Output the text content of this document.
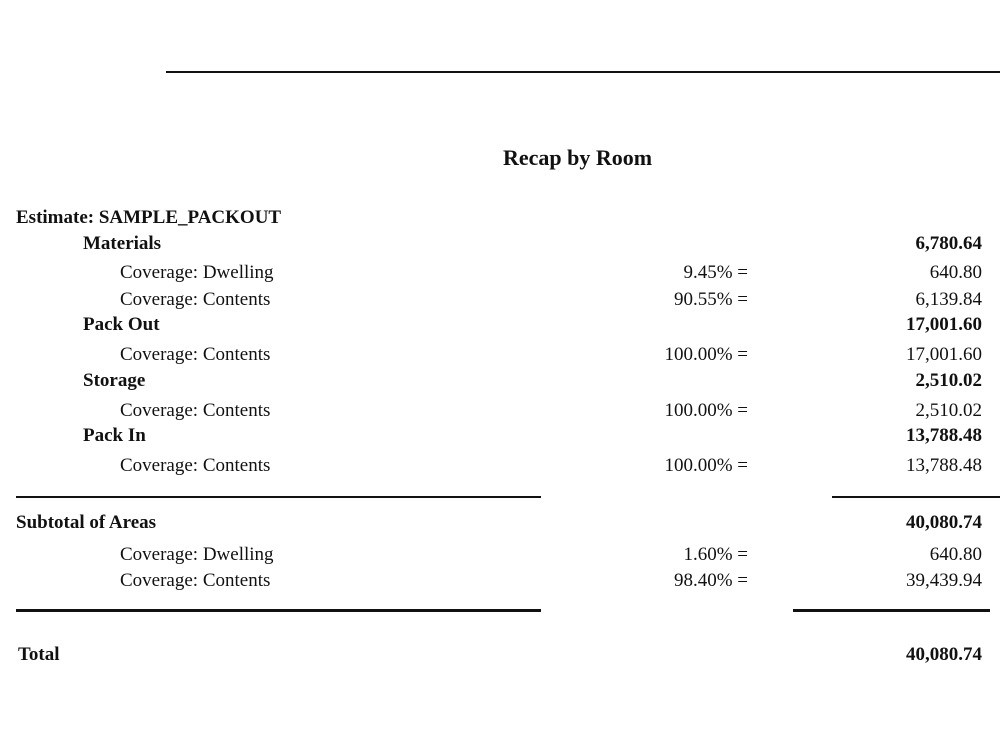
Recap by Room
Estimate: SAMPLE_PACKOUT
Materials	6,780.64
Coverage: Dwelling	9.45% =	640.80
Coverage: Contents	90.55% =	6,139.84
Pack Out	17,001.60
Coverage: Contents	100.00% =	17,001.60
Storage	2,510.02
Coverage: Contents	100.00% =	2,510.02
Pack In	13,788.48
Coverage: Contents	100.00% =	13,788.48
Subtotal of Areas	40,080.74
Coverage: Dwelling	1.60% =	640.80
Coverage: Contents	98.40% =	39,439.94
Total	40,080.74
